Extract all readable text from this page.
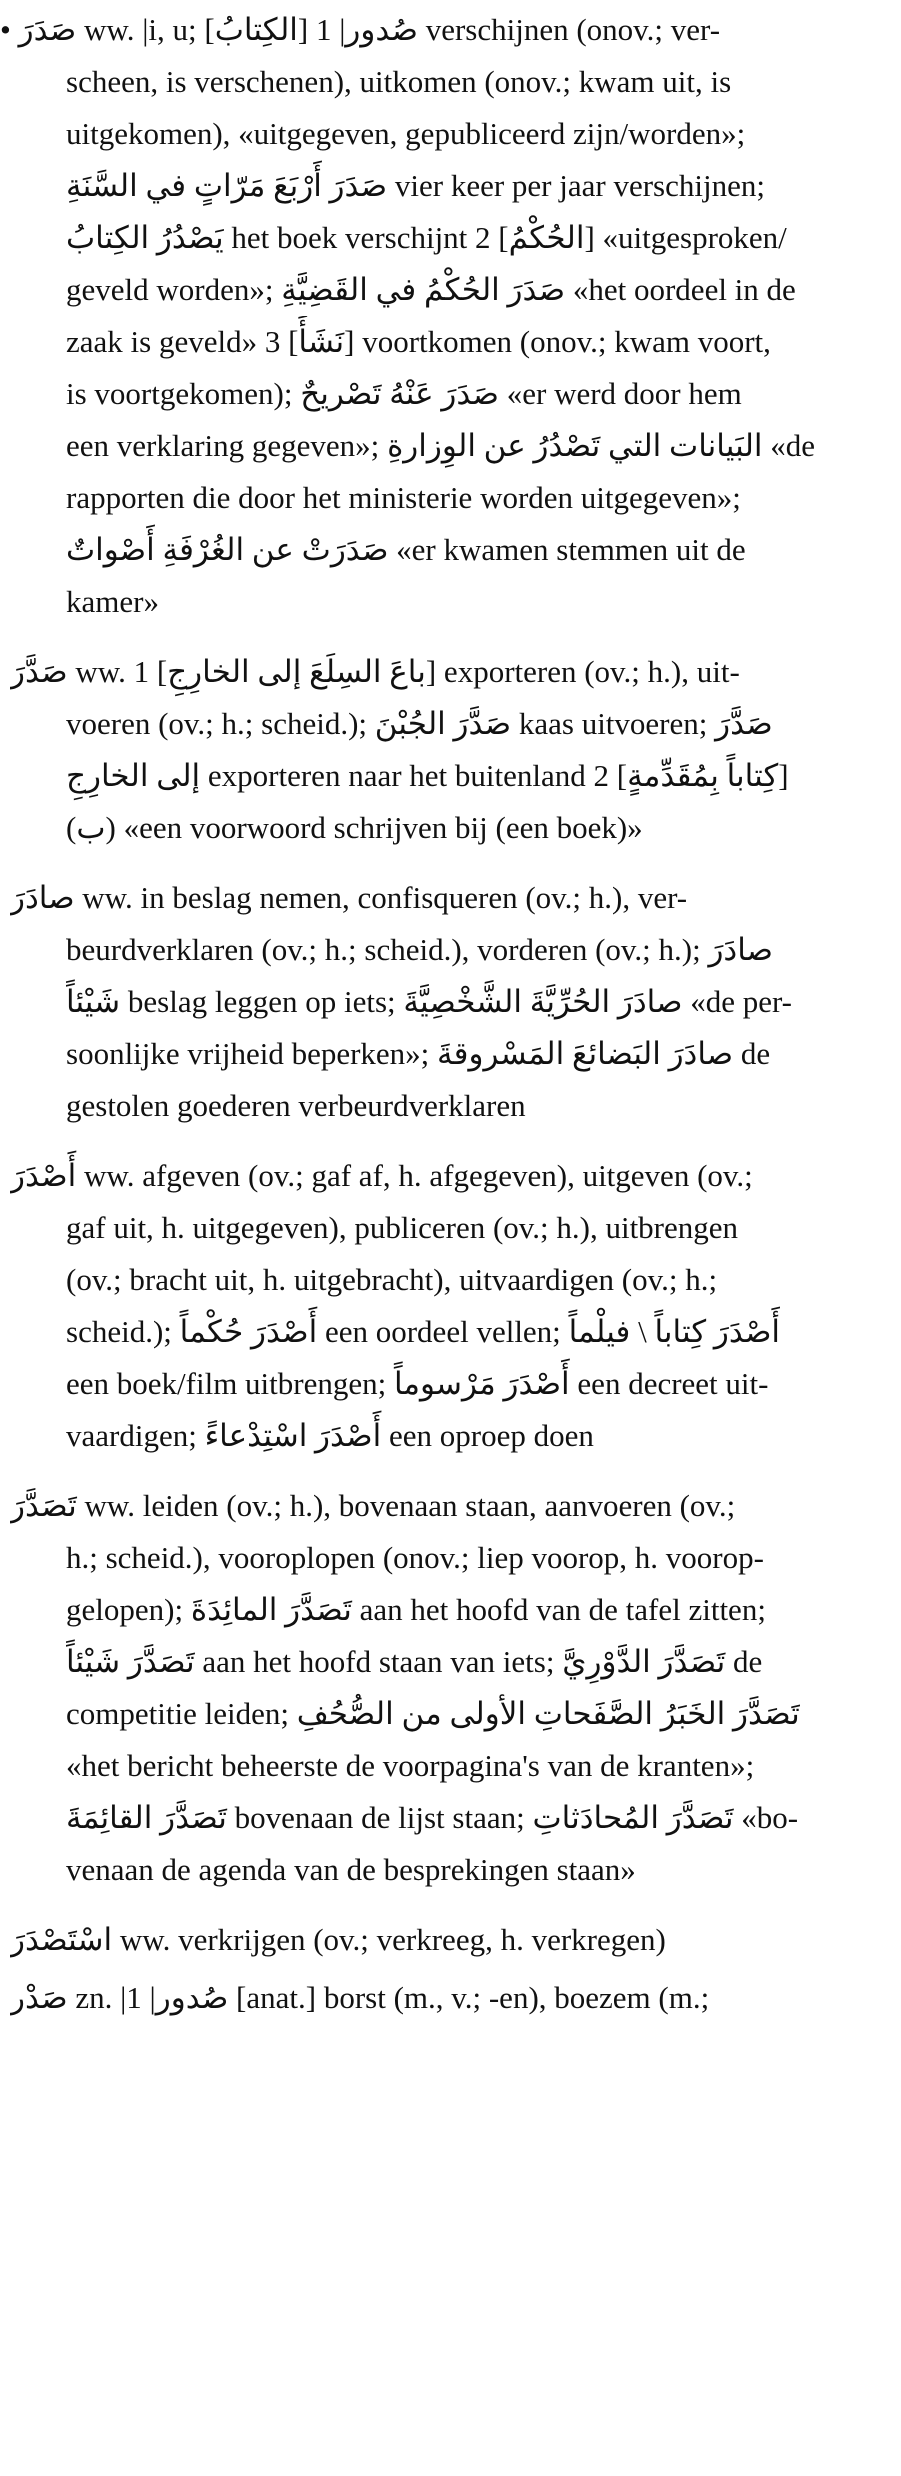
• صَدَرَ ww. |i, u; صُدور| 1 [الكِتابُ] verschijnen (onov.; ver-
scheen, is verschenen), uitkomen (onov.; kwam uit, is
uitgekomen), «uitgegeven, gepubliceerd zijn/worden»;
صَدَرَ أَرْبَعَ مَرّاتٍ في السَّنَةِ vier keer per jaar verschijnen;
يَصْدُرُ الكِتابُ het boek verschijnt 2 [الحُكْمُ] «uitgesproken/
geveld worden»; صَدَرَ الحُكْمُ في القَضِيَّةِ «het oordeel in de
zaak is geveld» 3 [نَشَأَ] voortkomen (onov.; kwam voort,
is voortgekomen); صَدَرَ عَنْهُ تَصْريحٌ «er werd door hem
een verklaring gegeven»; البَيانات التي تَصْدُرُ عن الوِزارةِ «de
rapporten die door het ministerie worden uitgegeven»;
صَدَرَتْ عن الغُرْفَةِ أَصْواتٌ «er kwamen stemmen uit de
kamer»
صَدَّرَ ww. 1 [باعَ السِلَعَ إلى الخارِجِ] exporteren (ov.; h.), uit-
voeren (ov.; h.; scheid.); صَدَّرَ الجُبْنَ kaas uitvoeren; صَدَّرَ
إلى الخارِجِ exporteren naar het buitenland 2 [كِتاباً بِمُقَدِّمةٍ]
(ب) «een voorwoord schrijven bij (een boek)»
صادَرَ ww. in beslag nemen, confisqueren (ov.; h.), ver-
beurdverklaren (ov.; h.; scheid.), vorderen (ov.; h.); صادَرَ
شَيْئاً beslag leggen op iets; صادَرَ الحُرِّيَّةَ الشَّخْصِيَّةَ «de per-
soonlijke vrijheid beperken»; صادَرَ البَضائعَ المَسْروقةَ de
gestolen goederen verbeurdverklaren
أَصْدَرَ ww. afgeven (ov.; gaf af, h. afgegeven), uitgeven (ov.;
gaf uit, h. uitgegeven), publiceren (ov.; h.), uitbrengen
(ov.; bracht uit, h. uitgebracht), uitvaardigen (ov.; h.;
scheid.); أَصْدَرَ حُكْماً een oordeel vellen; أَصْدَرَ كِتاباً \ فيلْماً
een boek/film uitbrengen; أَصْدَرَ مَرْسوماً een decreet uit-
vaardigen; أَصْدَرَ اسْتِدْعاءً een oproep doen
تَصَدَّرَ ww. leiden (ov.; h.), bovenaan staan, aanvoeren (ov.;
h.; scheid.), vooroplopen (onov.; liep voorop, h. voorop-
gelopen); تَصَدَّرَ المائِدَةَ aan het hoofd van de tafel zitten;
تَصَدَّرَ شَيْئاً aan het hoofd staan van iets; تَصَدَّرَ الدَّوْرِيَّ de
competitie leiden; تَصَدَّرَ الخَبَرُ الصَّفَحاتِ الأولى من الصُّحُفِ
«het bericht beheerste de voorpagina's van de kranten»;
تَصَدَّرَ القائِمَةَ bovenaan de lijst staan; تَصَدَّرَ المُحادَثاتِ «bo-
venaan de agenda van de besprekingen staan»
اسْتَصْدَرَ ww. verkrijgen (ov.; verkreeg, h. verkregen)
صَدْر zn. |صُدور| 1 [anat.] borst (m., v.; -en), boezem (m.;
